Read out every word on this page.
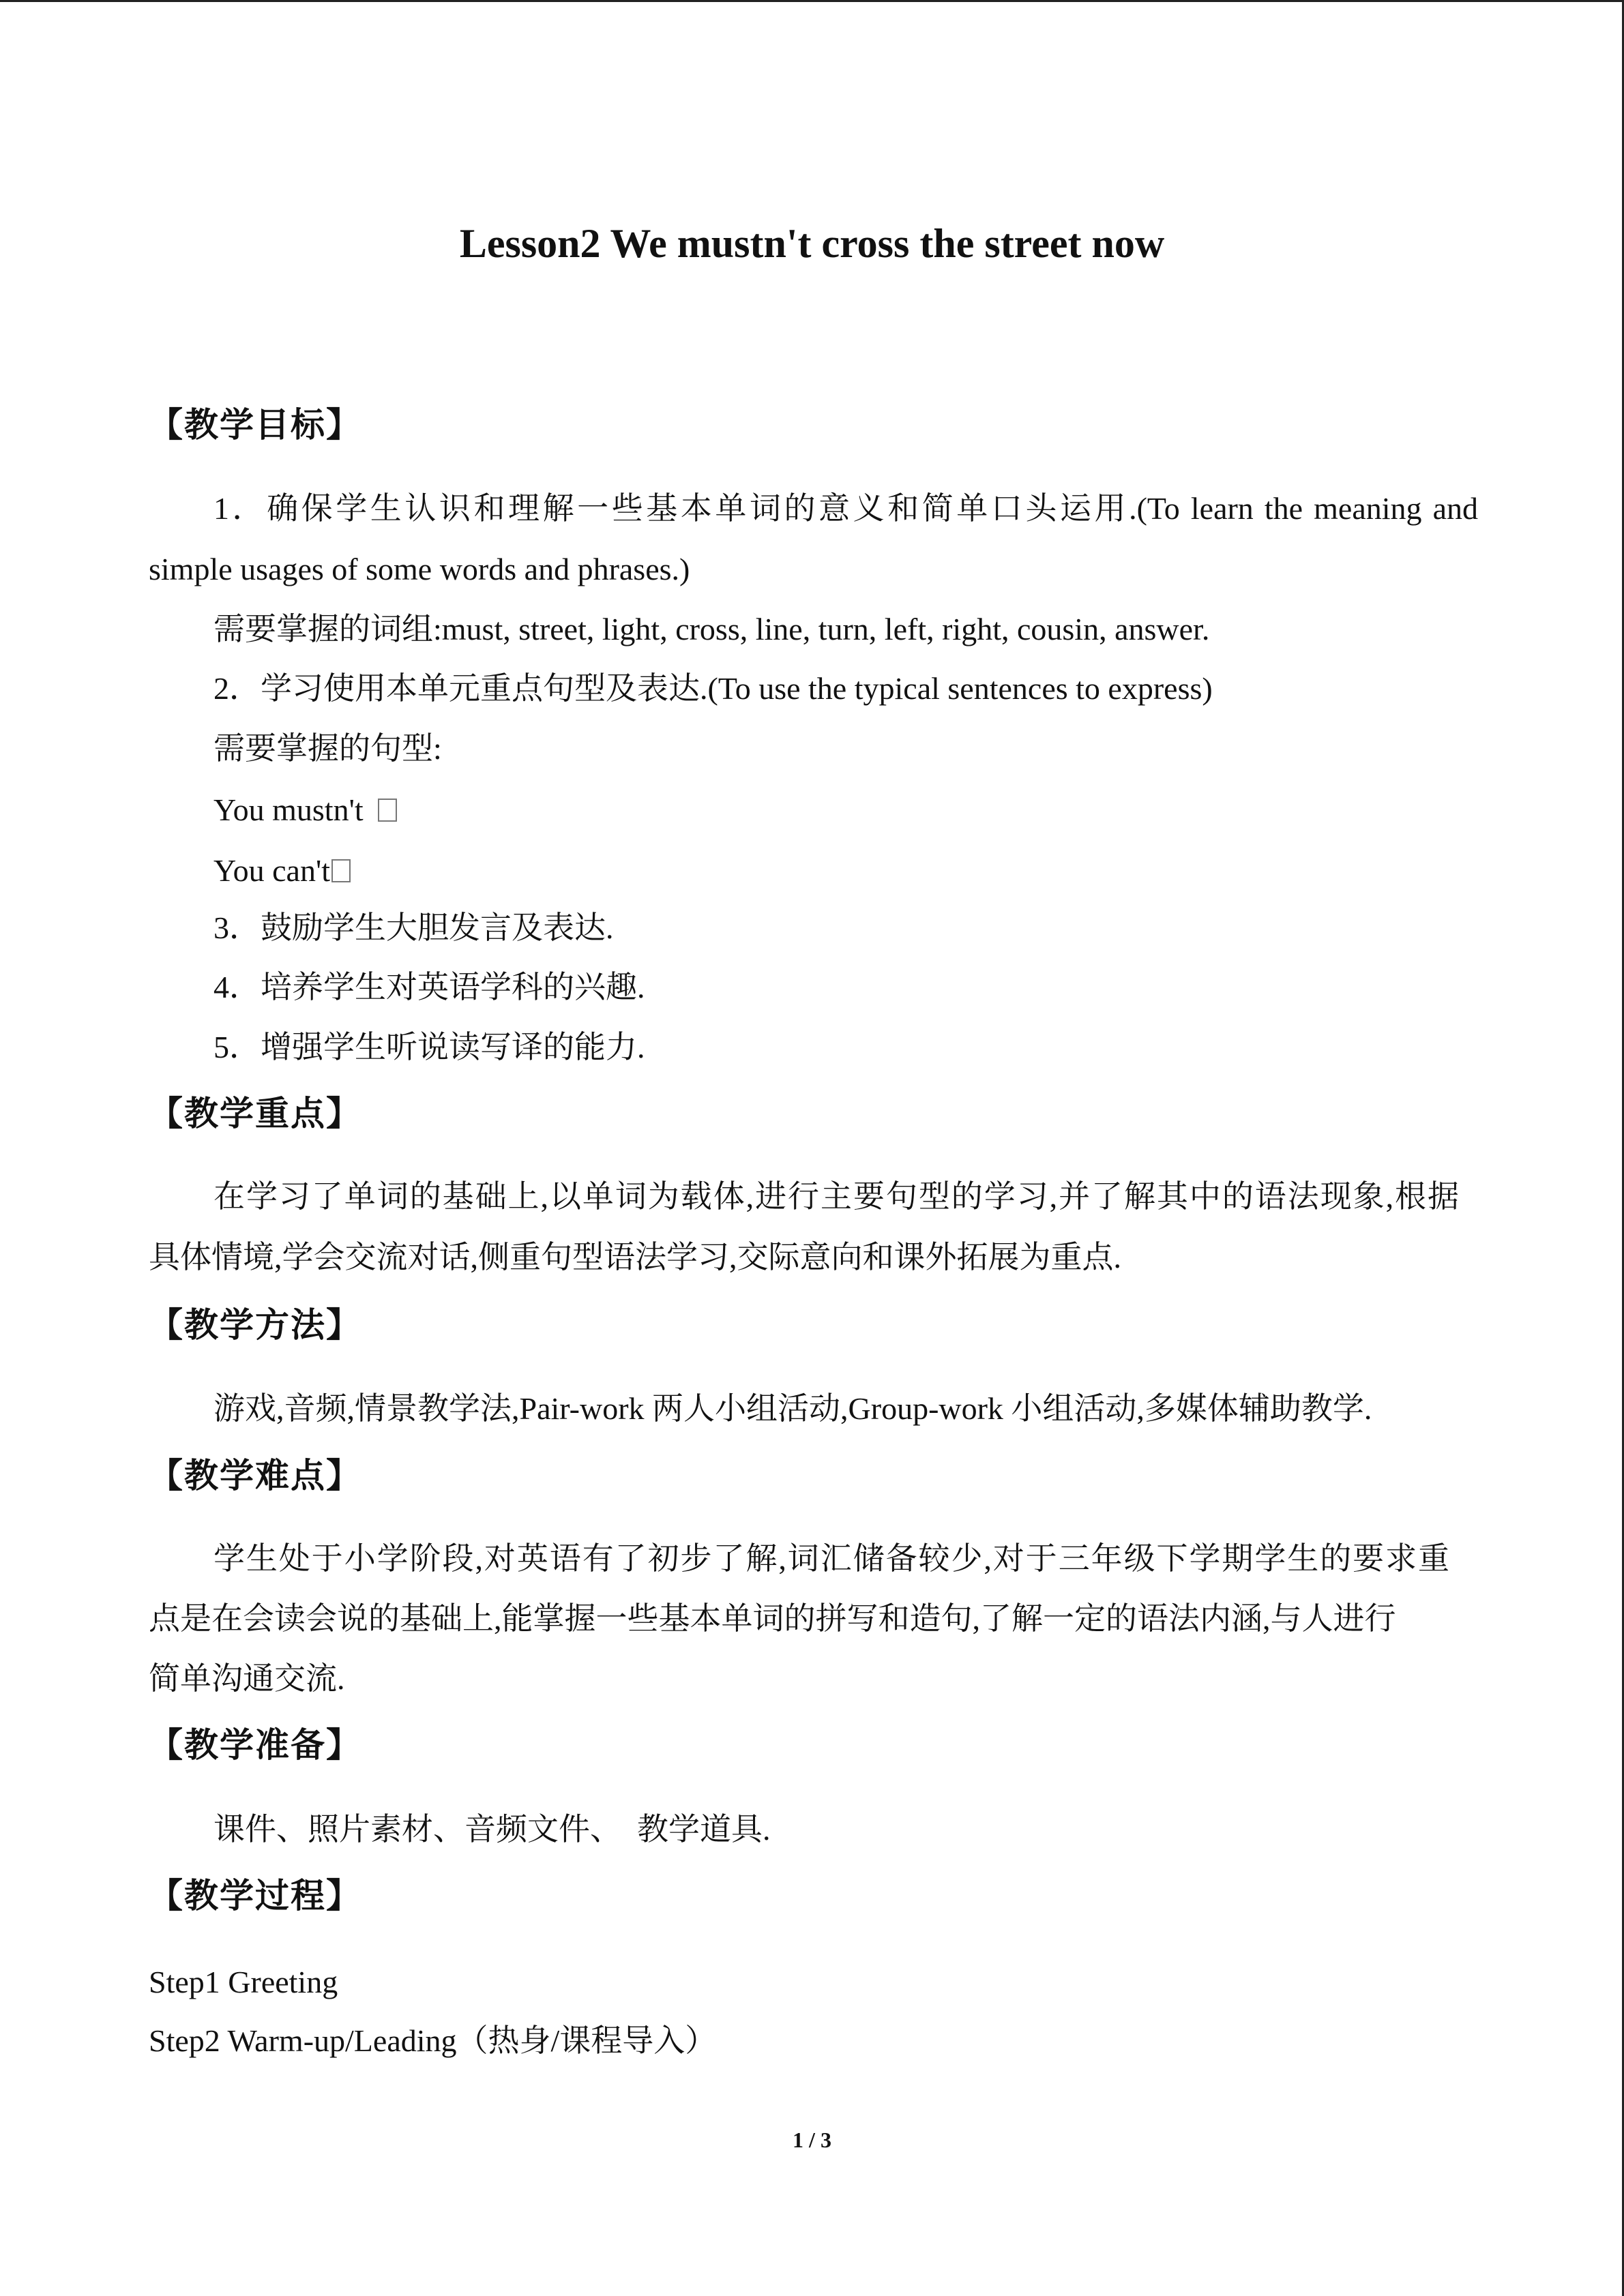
Lesson2 We mustn't cross the street now
【教学目标】
1．确保学生认识和理解一些基本单词的意义和简单口头运用.(To learn the meaning and
simple usages of some words and phrases.)
需要掌握的词组:must, street, light, cross, line, turn, left, right, cousin, answer.
2．学习使用本单元重点句型及表达.(To use the typical sentences to express)
需要掌握的句型:
You mustn't
You can't
3．鼓励学生大胆发言及表达.
4．培养学生对英语学科的兴趣.
5．增强学生听说读写译的能力.
【教学重点】
在学习了单词的基础上,以单词为载体,进行主要句型的学习,并了解其中的语法现象,根据
具体情境,学会交流对话,侧重句型语法学习,交际意向和课外拓展为重点.
【教学方法】
游戏,音频,情景教学法,Pair-work 两人小组活动,Group-work 小组活动,多媒体辅助教学.
【教学难点】
学生处于小学阶段,对英语有了初步了解,词汇储备较少,对于三年级下学期学生的要求重
点是在会读会说的基础上,能掌握一些基本单词的拼写和造句,了解一定的语法内涵,与人进行
简单沟通交流.
【教学准备】
课件、照片素材、音频文件、  教学道具.
【教学过程】
Step1 Greeting
Step2 Warm-up/Leading（热身/课程导入）
1 / 3
